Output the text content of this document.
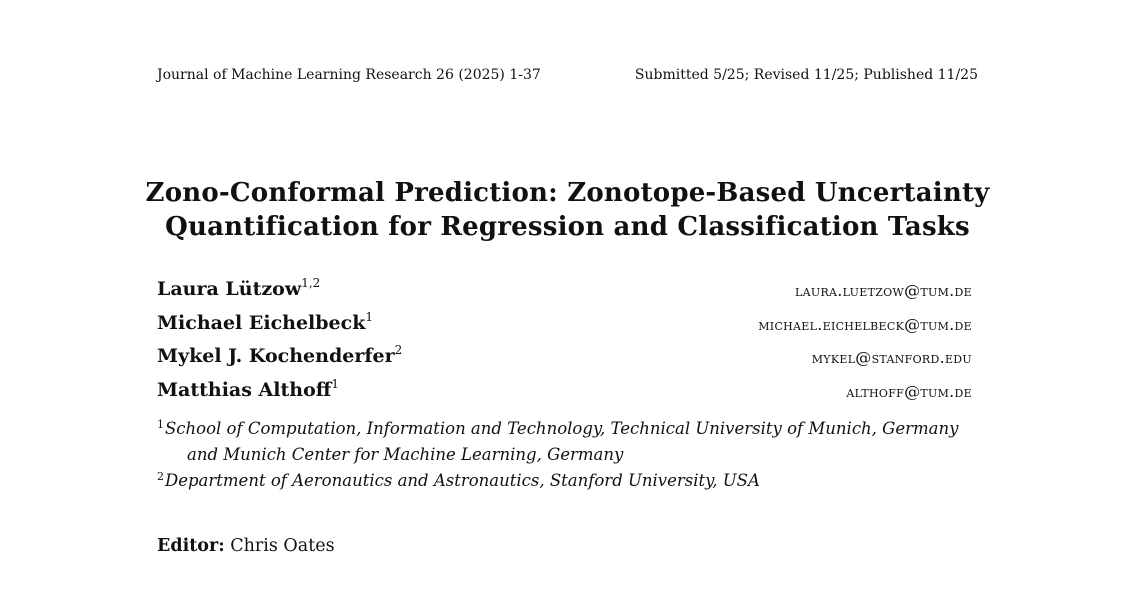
Journal of Machine Learning Research 26 (2025) 1-37	Submitted 5/25; Revised 11/25; Published 11/25
Zono-Conformal Prediction: Zonotope-Based Uncertainty
Quantification for Regression and Classification Tasks
Laura Lützow$^{1,2}$	laura.luetzow@tum.de
Michael Eichelbeck$^1$	michael.eichelbeck@tum.de
Mykel J. Kochenderfer$^2$	mykel@stanford.edu
Matthias Althoff$^1$	althoff@tum.de
$^1$School of Computation, Information and Technology, Technical University of Munich, Germany
and Munich Center for Machine Learning, Germany
$^2$Department of Aeronautics and Astronautics, Stanford University, USA
Editor: Chris Oates
